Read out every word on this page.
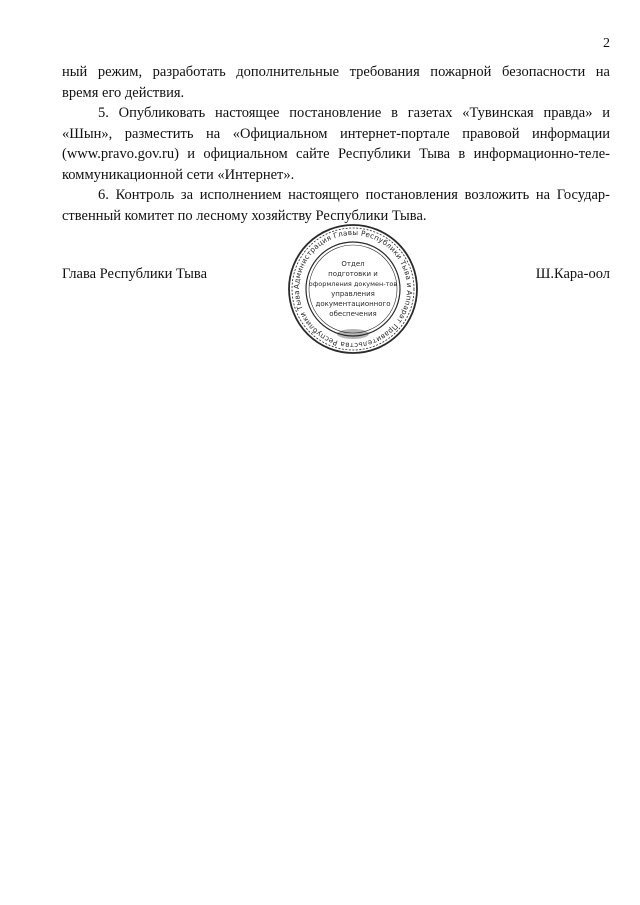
2

ный режим, разработать дополнительные требования пожарной безопасности на
время его действия.

5. Опубликовать настоящее постановление в газетах «Тувинская правда» и
«Шын», разместить на «Официальном интернет-портале правовой информации
(www.pravo.gov.ru) и официальном сайте Республики Тыва в информационно-теле-
коммуникационной сети «Интернет».

6. Контроль за исполнением настоящего постановления возложить на Государ-
ственный комитет по лесному хозяйству Республики Тыва.

Глава Республики Тыва	Ш.Кара-оол
Администрация Главы Республики Тыва и Аппарат Правительства Республики Тыва
Отдел
подготовки и
оформления докумен-тов
управления
документационного
обеспечения
